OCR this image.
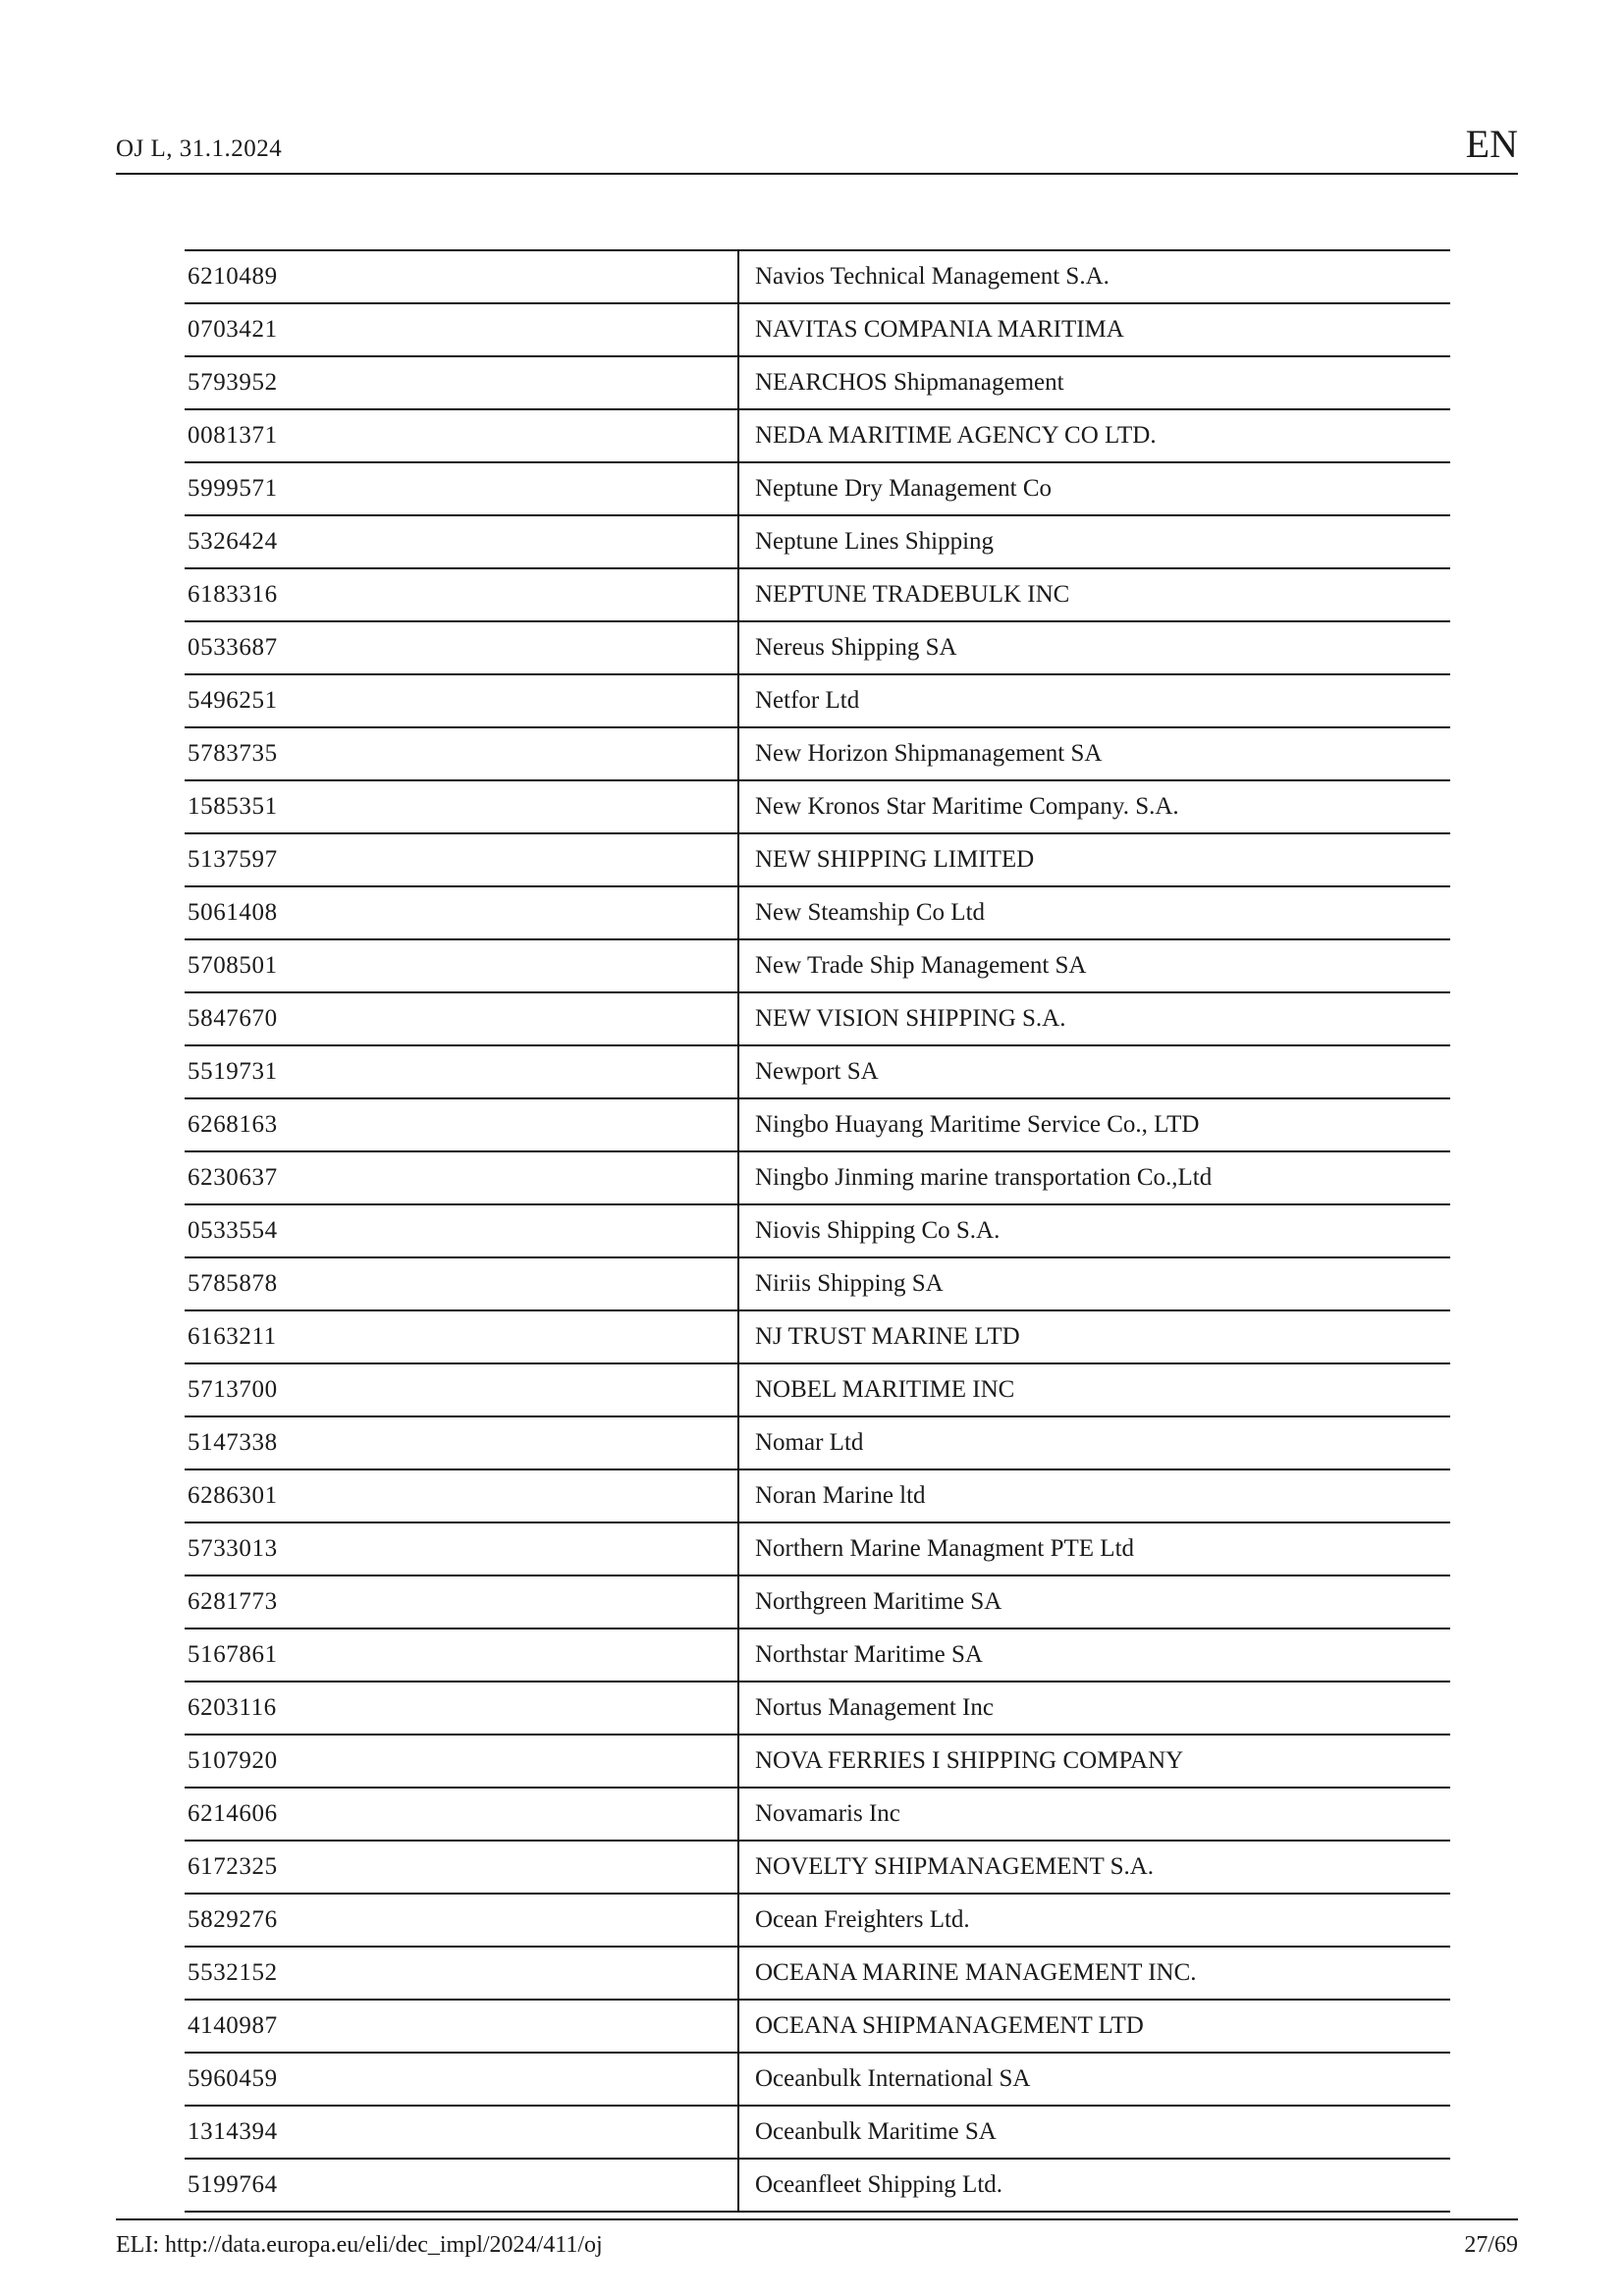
OJ L, 31.1.2024	EN
6210489	Navios Technical Management S.A.
0703421	NAVITAS COMPANIA MARITIMA
5793952	NEARCHOS Shipmanagement
0081371	NEDA MARITIME AGENCY CO LTD.
5999571	Neptune Dry Management Co
5326424	Neptune Lines Shipping
6183316	NEPTUNE TRADEBULK INC
0533687	Nereus Shipping SA
5496251	Netfor Ltd
5783735	New Horizon Shipmanagement SA
1585351	New Kronos Star Maritime Company. S.A.
5137597	NEW SHIPPING LIMITED
5061408	New Steamship Co Ltd
5708501	New Trade Ship Management SA
5847670	NEW VISION SHIPPING S.A.
5519731	Newport SA
6268163	Ningbo Huayang Maritime Service Co., LTD
6230637	Ningbo Jinming marine transportation Co.,Ltd
0533554	Niovis Shipping Co S.A.
5785878	Niriis Shipping SA
6163211	NJ TRUST MARINE LTD
5713700	NOBEL MARITIME INC
5147338	Nomar Ltd
6286301	Noran Marine ltd
5733013	Northern Marine Managment PTE Ltd
6281773	Northgreen Maritime SA
5167861	Northstar Maritime SA
6203116	Nortus Management Inc
5107920	NOVA FERRIES I SHIPPING COMPANY
6214606	Novamaris Inc
6172325	NOVELTY SHIPMANAGEMENT S.A.
5829276	Ocean Freighters Ltd.
5532152	OCEANA MARINE MANAGEMENT INC.
4140987	OCEANA SHIPMANAGEMENT LTD
5960459	Oceanbulk International SA
1314394	Oceanbulk Maritime SA
5199764	Oceanfleet Shipping Ltd.
ELI: http://data.europa.eu/eli/dec_impl/2024/411/oj	27/69
